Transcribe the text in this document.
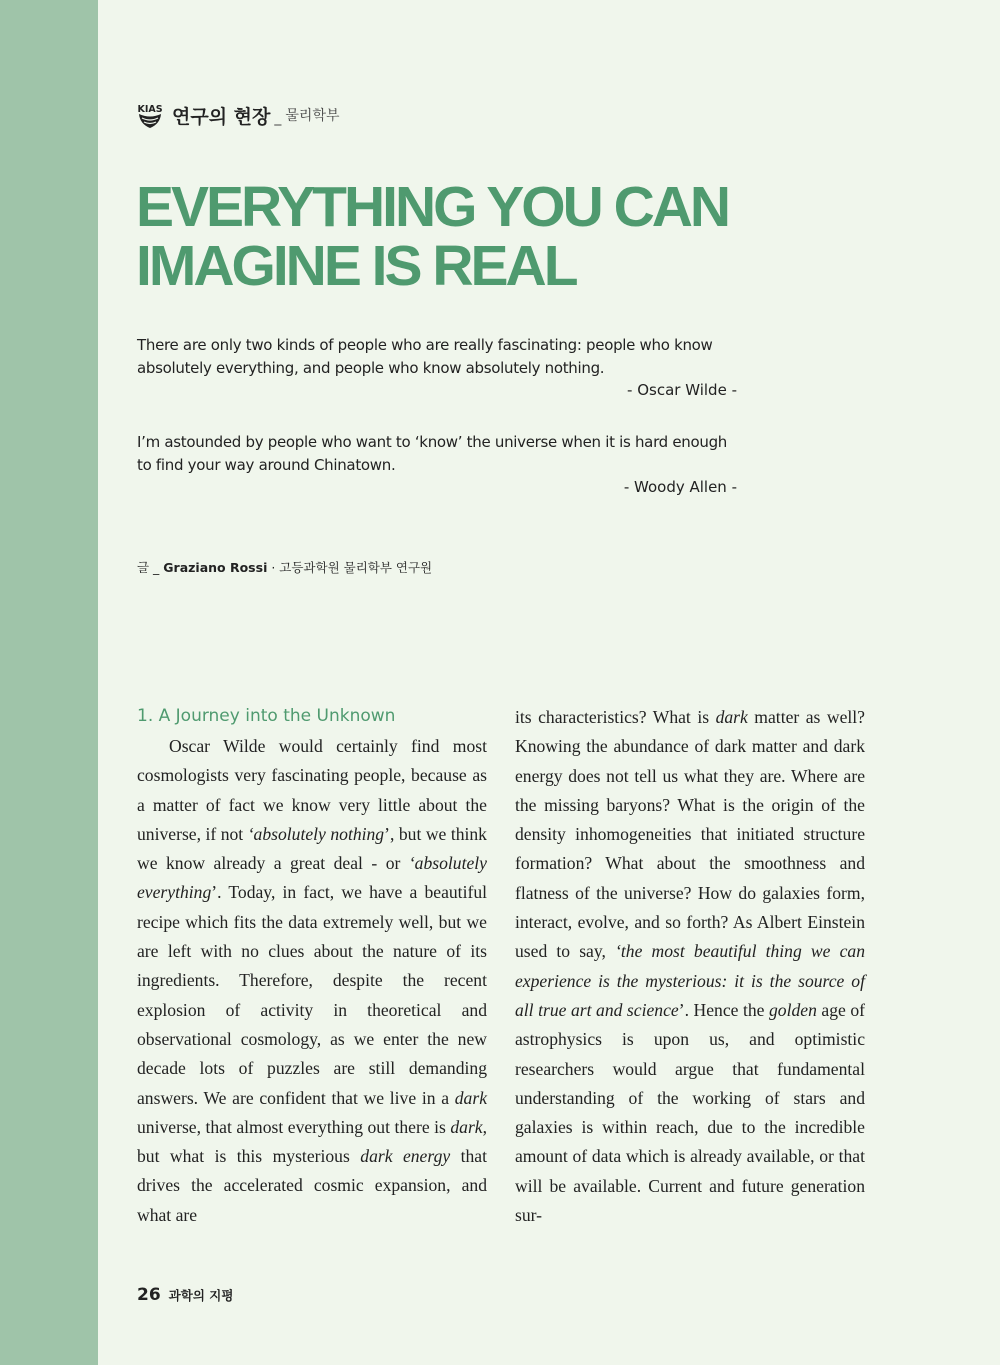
KIAS 연구의 현장 _ 물리학부
EVERYTHING YOU CAN
IMAGINE IS REAL
There are only two kinds of people who are really fascinating: people who know absolutely everything, and people who know absolutely nothing.
- Oscar Wilde -
I’m astounded by people who want to ‘know’ the universe when it is hard enough to find your way around Chinatown.
- Woody Allen -
글 _ Graziano Rossi · 고등과학원 물리학부 연구원
1. A Journey into the Unknown

Oscar Wilde would certainly find most cosmologists very fascinating people, because as a matter of fact we know very little about the universe, if not ‘absolutely nothing’, but we think we know already a great deal - or ‘absolutely everything’. Today, in fact, we have a beautiful recipe which fits the data extremely well, but we are left with no clues about the nature of its ingredients. Therefore, despite the recent explosion of activity in theoretical and observational cosmology, as we enter the new decade lots of puzzles are still demanding answers. We are confident that we live in a dark universe, that almost everything out there is dark, but what is this mysterious dark energy that drives the accelerated cosmic expansion, and what are

its characteristics? What is dark matter as well? Knowing the abundance of dark matter and dark energy does not tell us what they are. Where are the missing baryons? What is the origin of the density inhomogeneities that initiated structure formation? What about the smoothness and flatness of the universe? How do galaxies form, interact, evolve, and so forth? As Albert Einstein used to say, ‘the most beautiful thing we can experience is the mysterious: it is the source of all true art and science’. Hence the golden age of astrophysics is upon us, and optimistic researchers would argue that fundamental understanding of the working of stars and galaxies is within reach, due to the incredible amount of data which is already available, or that will be available. Current and future generation sur-

26 과학의 지평
